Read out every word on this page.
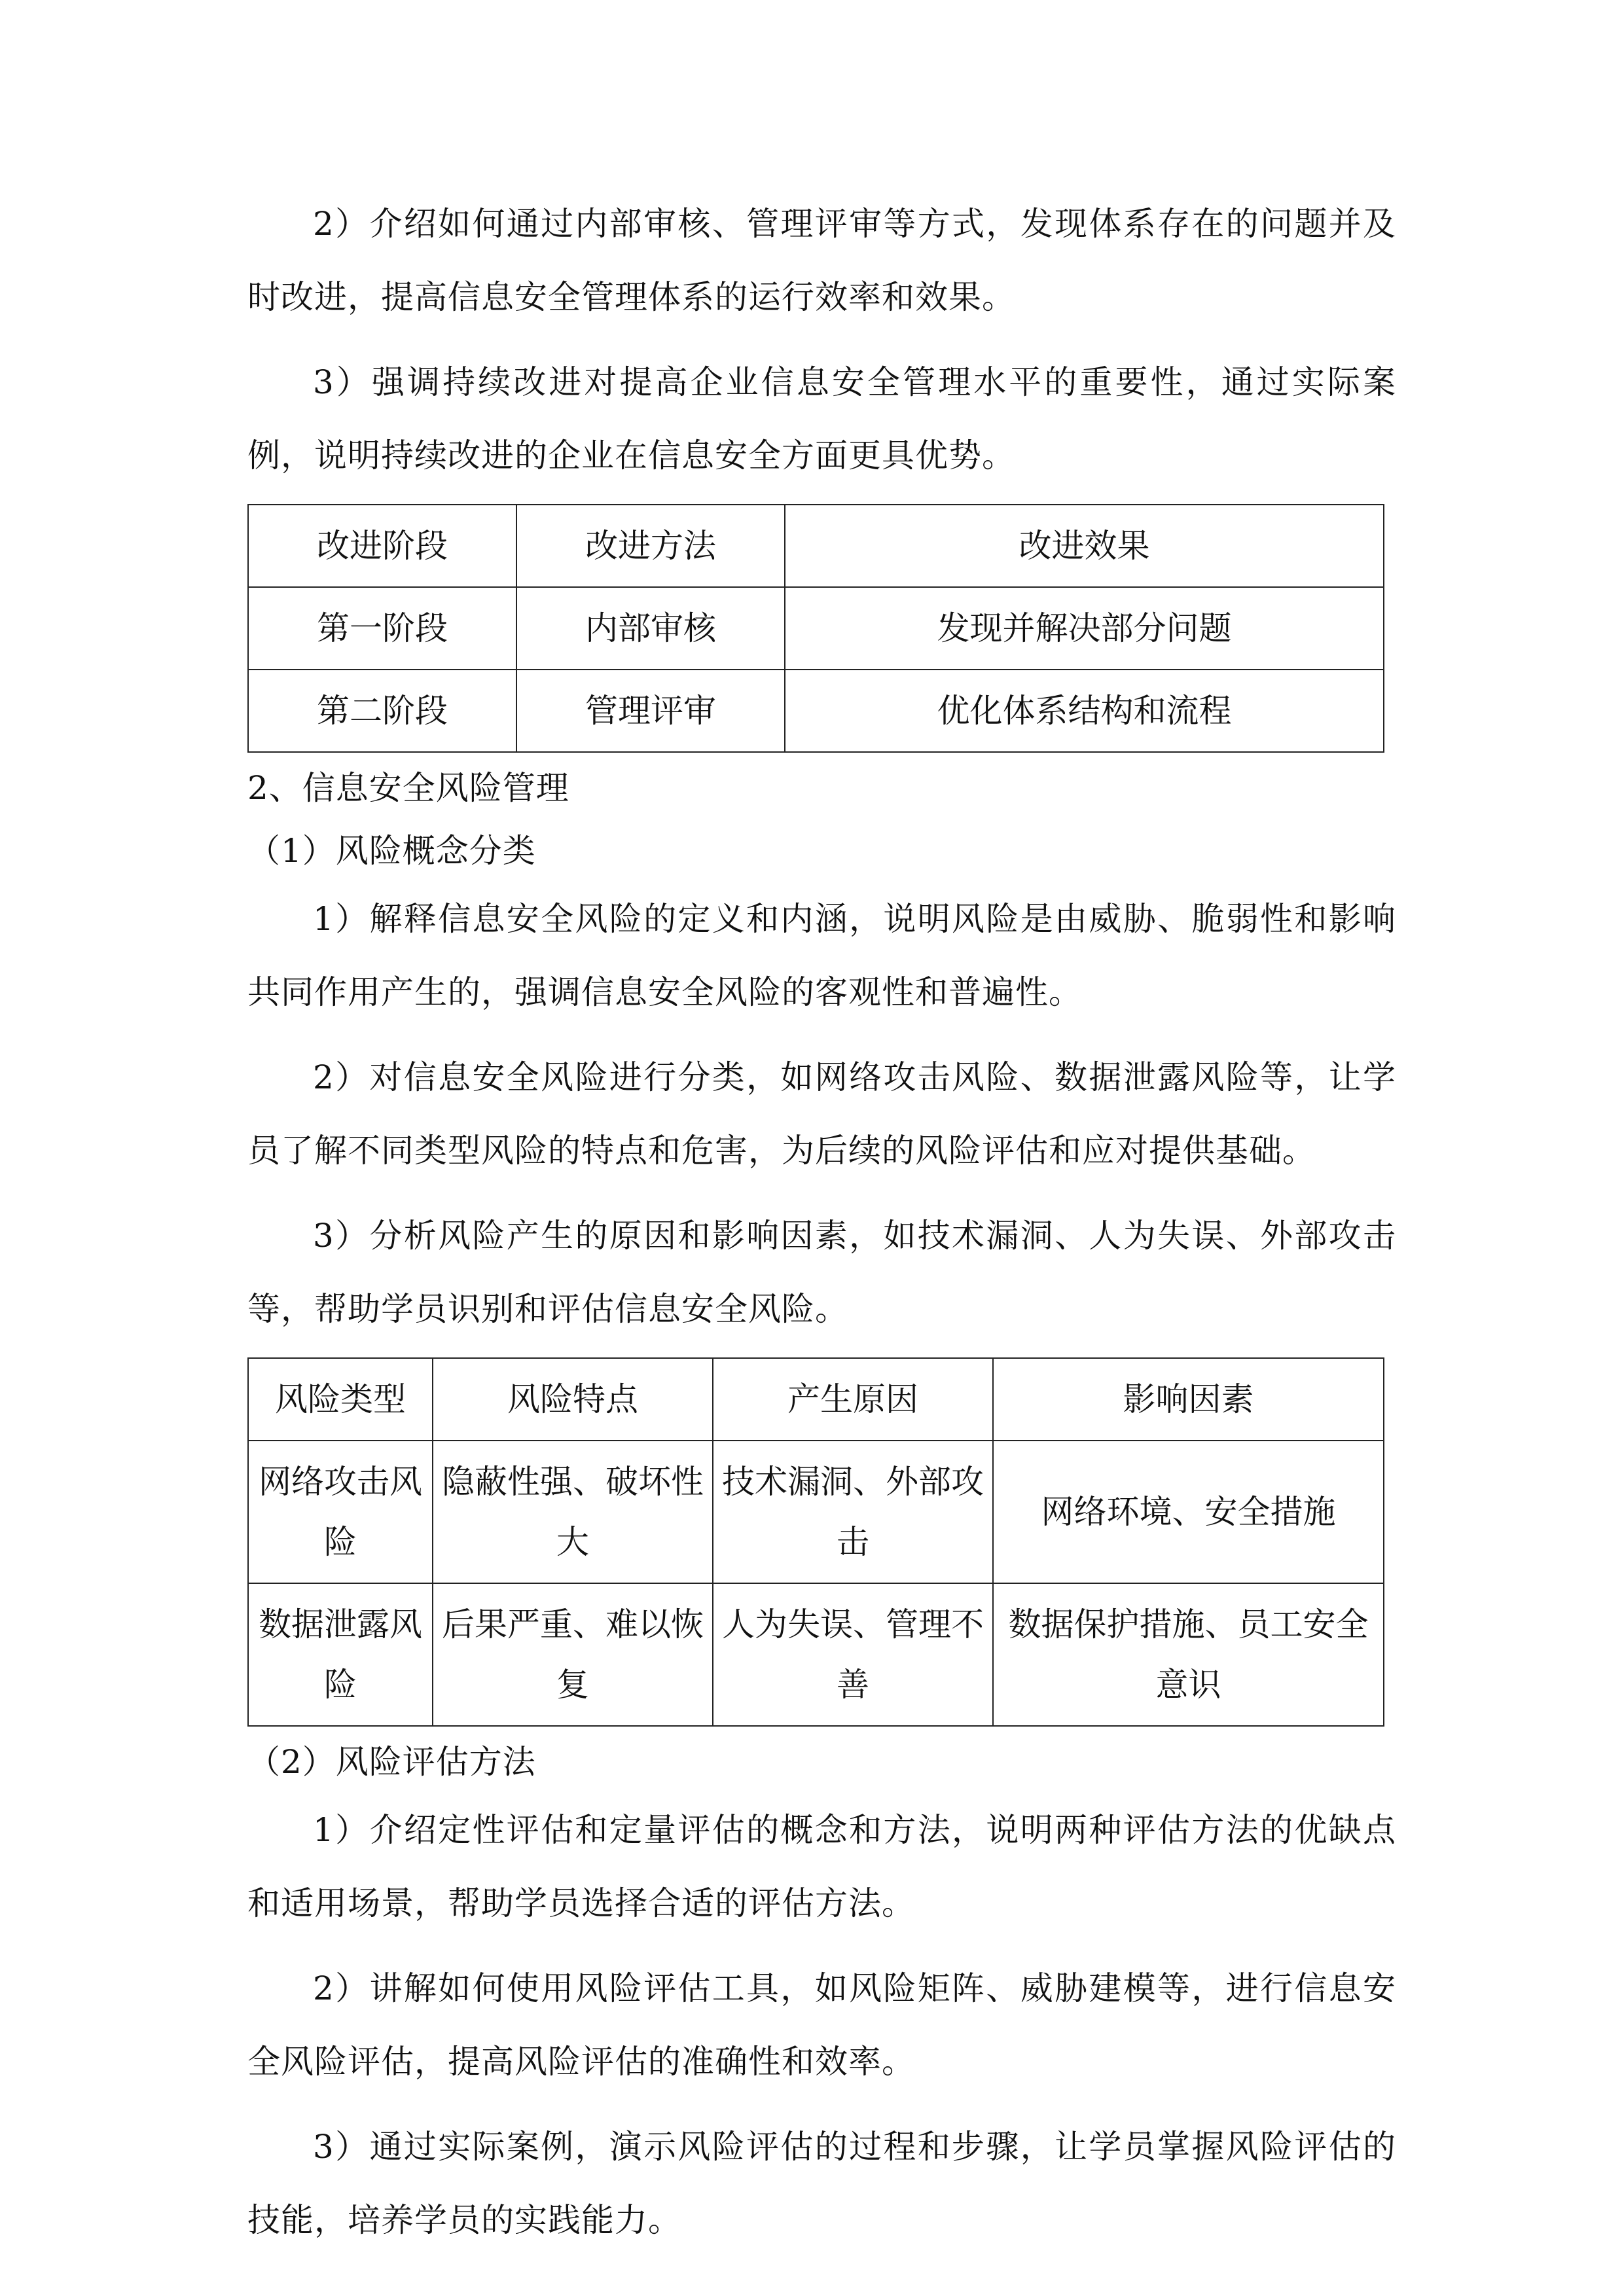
2）介绍如何通过内部审核、管理评审等方式，发现体系存在的问题并及时改进，提高信息安全管理体系的运行效率和效果。

3）强调持续改进对提高企业信息安全管理水平的重要性，通过实际案例，说明持续改进的企业在信息安全方面更具优势。

改进阶段	改进方法	改进效果
第一阶段	内部审核	发现并解决部分问题
第二阶段	管理评审	优化体系结构和流程

2、信息安全风险管理

（1）风险概念分类

1）解释信息安全风险的定义和内涵，说明风险是由威胁、脆弱性和影响共同作用产生的，强调信息安全风险的客观性和普遍性。

2）对信息安全风险进行分类，如网络攻击风险、数据泄露风险等，让学员了解不同类型风险的特点和危害，为后续的风险评估和应对提供基础。

3）分析风险产生的原因和影响因素，如技术漏洞、人为失误、外部攻击等，帮助学员识别和评估信息安全风险。

风险类型	风险特点	产生原因	影响因素
网络攻击风险	隐蔽性强、破坏性大	技术漏洞、外部攻击	网络环境、安全措施
数据泄露风险	后果严重、难以恢复	人为失误、管理不善	数据保护措施、员工安全意识

（2）风险评估方法

1）介绍定性评估和定量评估的概念和方法，说明两种评估方法的优缺点和适用场景，帮助学员选择合适的评估方法。

2）讲解如何使用风险评估工具，如风险矩阵、威胁建模等，进行信息安全风险评估，提高风险评估的准确性和效率。

3）通过实际案例，演示风险评估的过程和步骤，让学员掌握风险评估的技能，培养学员的实践能力。
